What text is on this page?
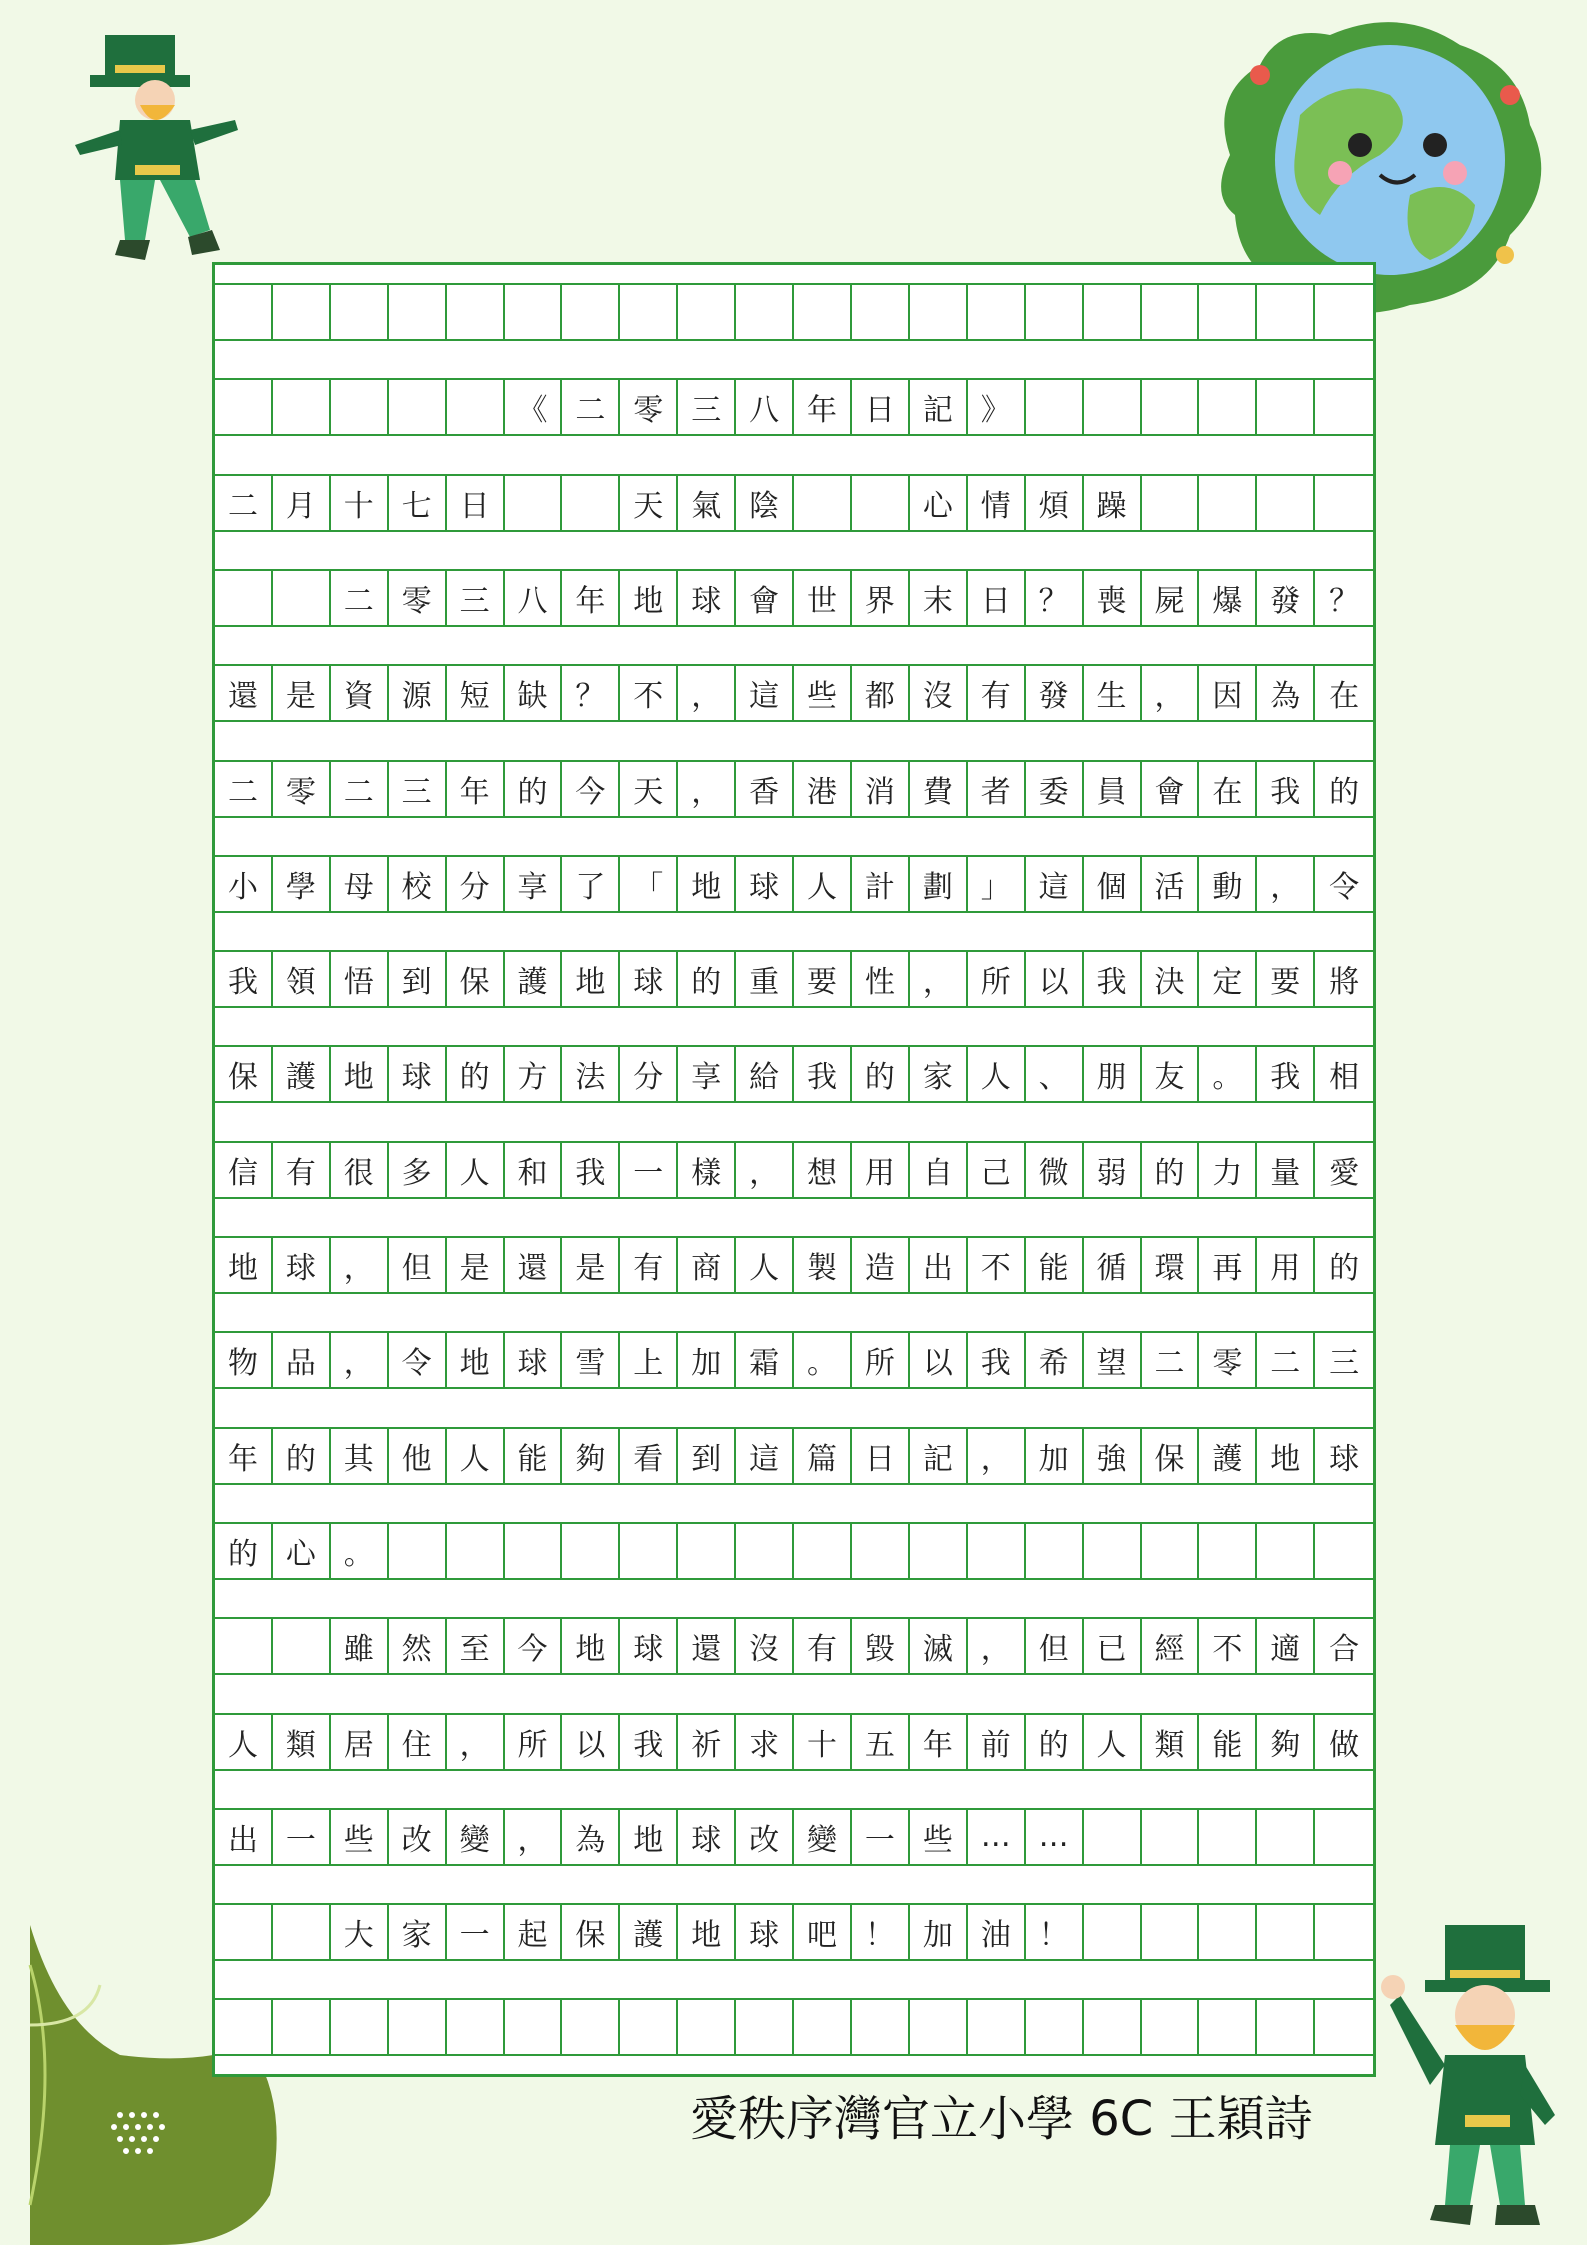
《 二 零 三 八 年 日 記 》
二 月 十 七 日	天 氣 陰	心 情 煩 躁
二 零 三 八 年 地 球 會 世 界 末 日 ？ 喪 屍 爆 發 ？
還 是 資 源 短 缺 ？ 不 ， 這 些 都 沒 有 發 生 ， 因 為 在
二 零 二 三 年 的 今 天 ， 香 港 消 費 者 委 員 會 在 我 的
小 學 母 校 分 享 了 「 地 球 人 計 劃 」 這 個 活 動 ， 令
我 領 悟 到 保 護 地 球 的 重 要 性 ， 所 以 我 決 定 要 將
保 護 地 球 的 方 法 分 享 給 我 的 家 人 、 朋 友 。 我 相
信 有 很 多 人 和 我 一 樣 ， 想 用 自 己 微 弱 的 力 量 愛
地 球 ， 但 是 還 是 有 商 人 製 造 出 不 能 循 環 再 用 的
物 品 ， 令 地 球 雪 上 加 霜 。 所 以 我 希 望 二 零 二 三
年 的 其 他 人 能 夠 看 到 這 篇 日 記 ， 加 強 保 護 地 球
的 心 。
雖 然 至 今 地 球 還 沒 有 毀 滅 ， 但 已 經 不 適 合
人 類 居 住 ， 所 以 我 祈 求 十 五 年 前 的 人 類 能 夠 做
出 一 些 改 變 ， 為 地 球 改 變 一 些 … …
大 家 一 起 保 護 地 球 吧 ！ 加 油 ！
愛秩序灣官立小學 6C 王穎詩
